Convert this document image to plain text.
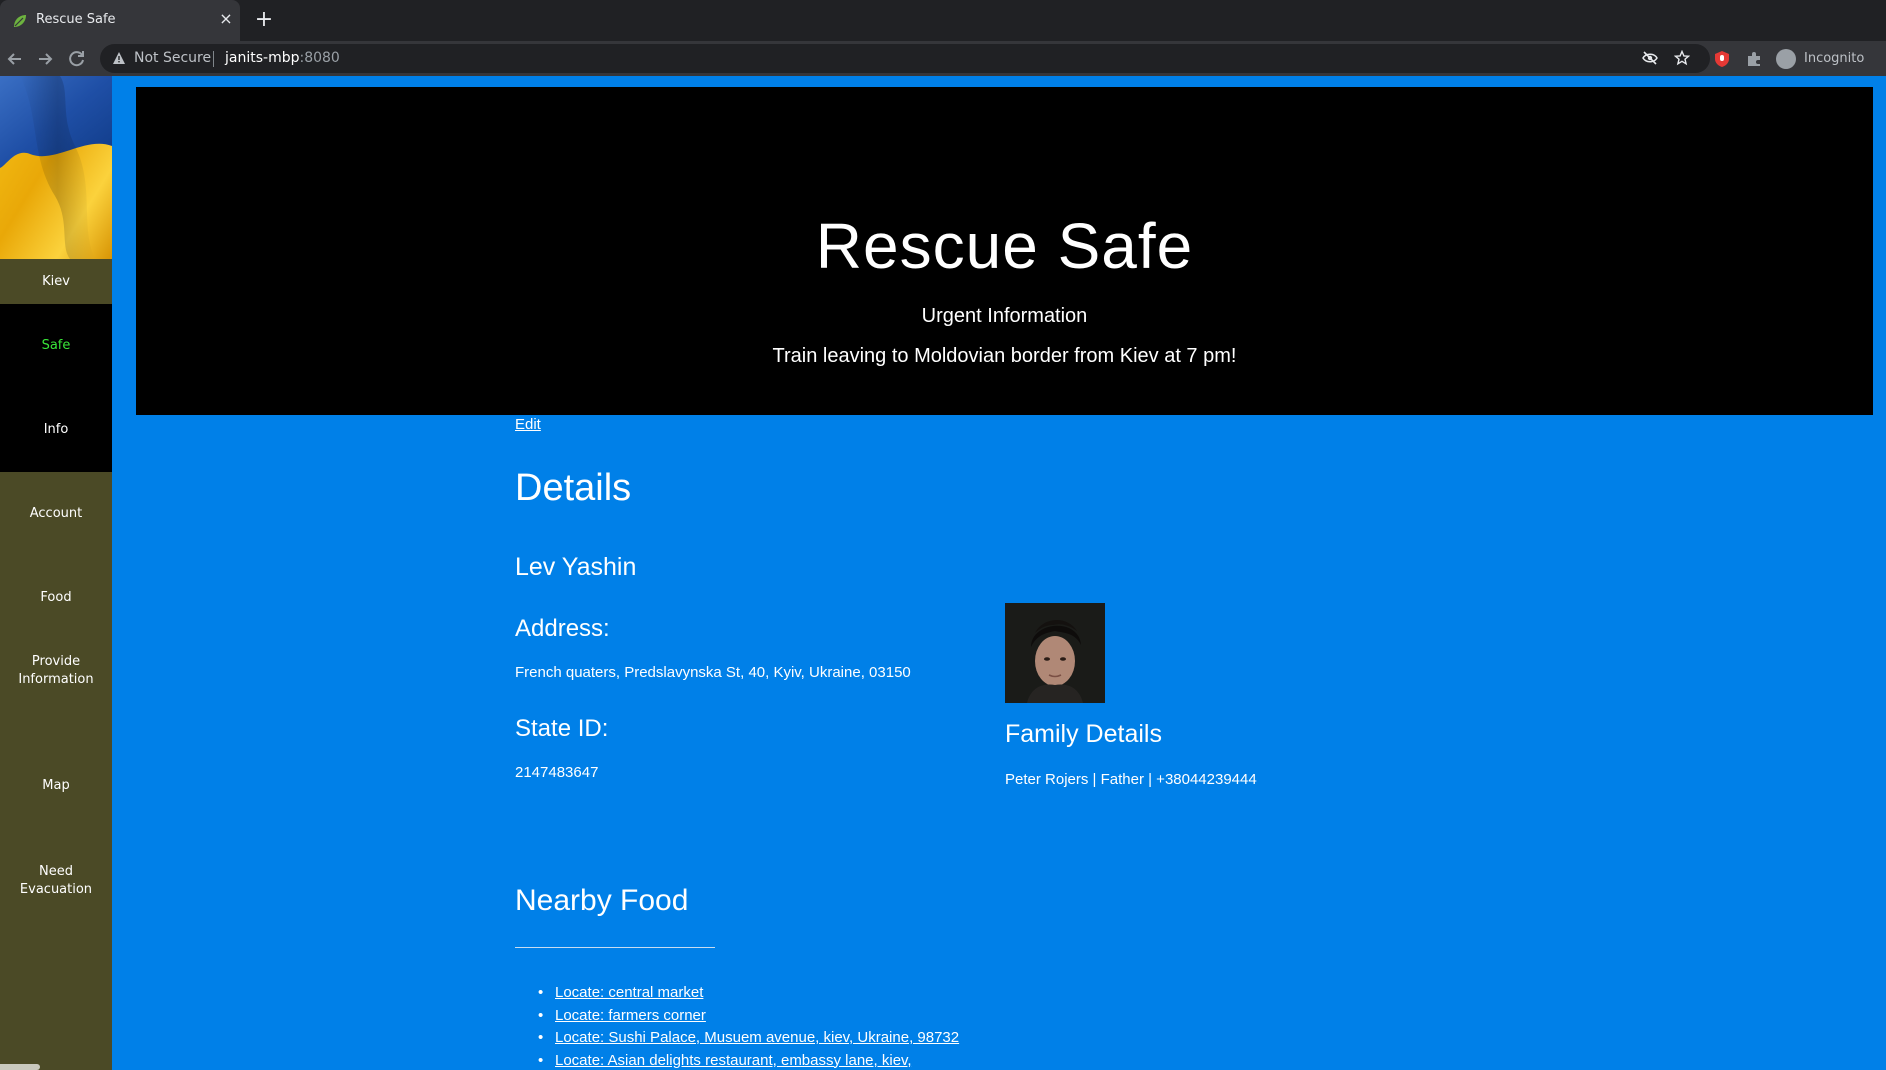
Rescue Safe	× +
Not Secure janits-mbp:8080	Incognito
Kiev
Safe
Info
Account
Food
Provide Information
Map
Need Evacuation
Rescue Safe
Urgent Information
Train leaving to Moldovian border from Kiev at 7 pm!
Edit
Details
Lev Yashin
Address:
French quaters, Predslavynska St, 40, Kyiv, Ukraine, 03150
State ID:
2147483647
Family Details
Peter Rojers | Father | +38044239444
Nearby Food
• Locate: central market
• Locate: farmers corner
• Locate: Sushi Palace, Musuem avenue, kiev, Ukraine, 98732
• Locate: Asian delights restaurant, embassy lane, kiev,
